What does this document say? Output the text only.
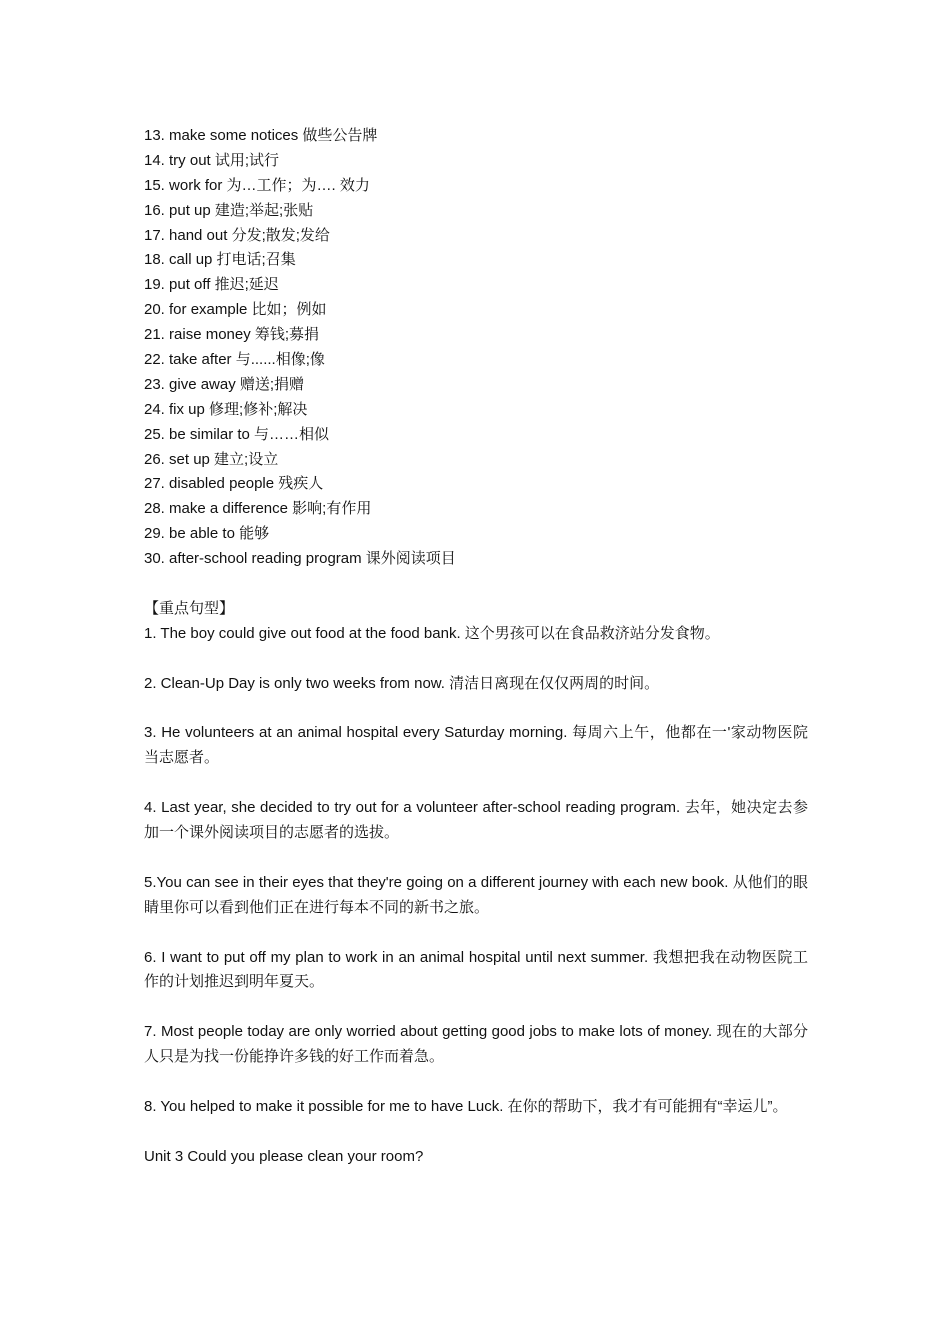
13. make some notices 做些公告牌
14. try out 试用;试行
15. work for 为…工作；为…. 效力
16. put up 建造;举起;张贴
17. hand out 分发;散发;发给
18. call up 打电话;召集
19. put off 推迟;延迟
20. for example 比如；例如
21. raise money 筹钱;募捐
22. take after 与......相像;像
23. give away 赠送;捐赠
24. fix up 修理;修补;解决
25. be similar to 与……相似
26. set up 建立;设立
27. disabled people 残疾人
28. make a difference 影响;有作用
29. be able to 能够
30. after-school reading program 课外阅读项目
【重点句型】

1. The boy could give out food at the food bank. 这个男孩可以在食品救济站分发食物。

2. Clean-Up Day is only two weeks from now. 清洁日离现在仅仅两周的时间。

3. He volunteers at an animal hospital every Saturday morning. 每周六上午，他都在一'家动物医院当志愿者。

4. Last year, she decided to try out for a volunteer after-school reading program. 去年，她决定去参加一个课外阅读项目的志愿者的选拔。

5.You can see in their eyes that they're going on a different journey with each new book. 从他们的眼睛里你可以看到他们正在进行每本不同的新书之旅。

6. I want to put off my plan to work in an animal hospital until next summer. 我想把我在动物医院工作的计划推迟到明年夏天。

7. Most people today are only worried about getting good jobs to make lots of money. 现在的大部分人只是为找一份能挣许多钱的好工作而着急。

8. You helped to make it possible for me to have Luck. 在你的帮助下，我才有可能拥有“幸运儿”。

Unit 3 Could you please clean your room?
